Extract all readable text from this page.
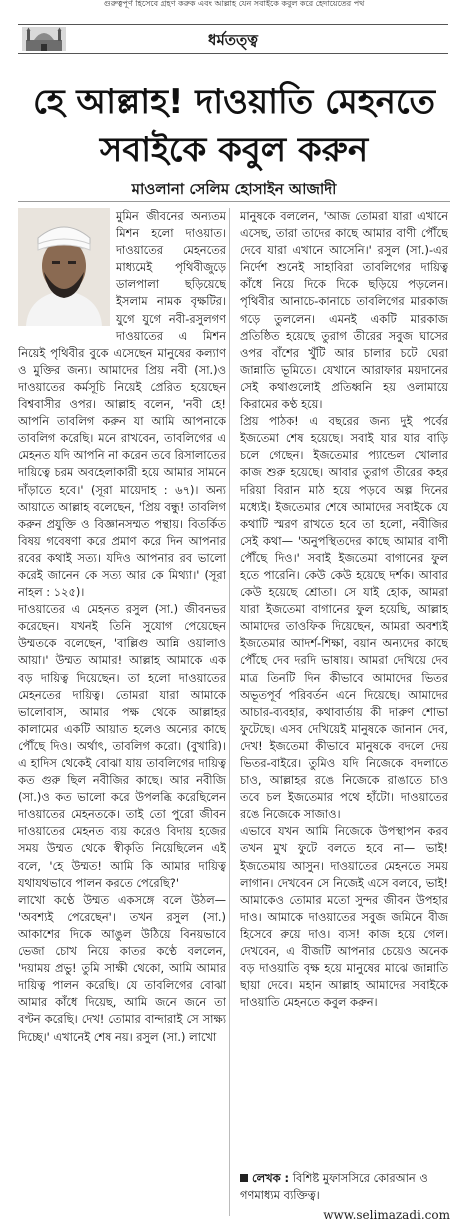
গুরুত্বপূর্ণ হিসেবে গ্রহণ করুক এবং আল্লাহ যেন সবাইকে কবুল করে হেদায়েতের পথ
ধর্মতত্ত্ব
হে আল্লাহ! দাওয়াতি মেহনতে
সবাইকে কবুল করুন
মাওলানা সেলিম হোসাইন আজাদী

মুমিন জীবনের অন্যতম মিশন হলো দাওয়াত। দাওয়াতের মেহনতের মাধ্যমেই পৃথিবীজুড়ে ডালপালা ছড়িয়েছে ইসলাম নামক বৃক্ষটির। যুগে যুগে নবী-রসুলগণ দাওয়াতের এ মিশন নিয়েই পৃথিবীর বুকে এসেছেন মানুষের কল্যাণ ও মুক্তির জন্য। আমাদের প্রিয় নবী (সা.)ও দাওয়াতের কর্মসূচি নিয়েই প্রেরিত হয়েছেন বিশ্ববাসীর ওপর। আল্লাহ বলেন, 'নবী হে! আপনি তাবলিগ করুন যা আমি আপনাকে তাবলিগ করেছি। মনে রাখবেন, তাবলিগের এ মেহনত যদি আপনি না করেন তবে রিসালাতের দায়িত্বে চরম অবহেলাকারী হয়ে আমার সামনে দাঁড়াতে হবে।' (সূরা মায়েদাহ : ৬৭)। অন্য আয়াতে আল্লাহ বলেছেন, 'প্রিয় বন্ধু! তাবলিগ করুন প্রযুক্তি ও বিজ্ঞানসম্মত পন্থায়। বিতর্কিত বিষয় গবেষণা করে প্রমাণ করে দিন আপনার রবের কথাই সত্য। যদিও আপনার রব ভালো করেই জানেন কে সত্য আর কে মিথ্যা।' (সূরা নাহল : ১২৫)।

দাওয়াতের এ মেহনত রসুল (সা.) জীবনভর করেছেন। যখনই তিনি সুযোগ পেয়েছেন উম্মতকে বলেছেন, 'বাল্লিগু আন্নি ওয়ালাও আয়া।' উম্মত আমার! আল্লাহ আমাকে এক বড় দায়িত্ব দিয়েছেন। তা হলো দাওয়াতের মেহনতের দায়িত্ব। তোমরা যারা আমাকে ভালোবাস, আমার পক্ষ থেকে আল্লাহর কালামের একটি আয়াত হলেও অন্যের কাছে পৌঁছে দিও। অর্থাৎ, তাবলিগ করো। (বুখারি)। এ হাদিস থেকেই বোঝা যায় তাবলিগের দায়িত্ব কত গুরু ছিল নবীজির কাছে। আর নবীজি (সা.)ও কত ভালো করে উপলব্ধি করেছিলেন দাওয়াতের মেহনতকে। তাই তো পুরো জীবন দাওয়াতের মেহনত ব্যয় করেও বিদায় হজের সময় উম্মত থেকে স্বীকৃতি নিয়েছিলেন এই বলে, 'হে উম্মত! আমি কি আমার দায়িত্ব যথাযথভাবে পালন করতে পেরেছি?'

লাখো কণ্ঠে উম্মত একসঙ্গে বলে উঠল— 'অবশ্যই পেরেছেন'। তখন রসুল (সা.) আকাশের দিকে আঙুল উঠিয়ে বিনয়ভাবে ভেজা চোখ নিয়ে কাতর কণ্ঠে বললেন, 'দয়াময় প্রভু! তুমি সাক্ষী থেকো, আমি আমার দায়িত্ব পালন করেছি। যে তাবলিগের বোঝা আমার কাঁধে দিয়েছ, আমি জনে জনে তা বণ্টন করেছি। দেখ! তোমার বান্দারাই সে সাক্ষ্য দিচ্ছে।' এখানেই শেষ নয়। রসুল (সা.) লাখো

মানুষকে বললেন, 'আজ তোমরা যারা এখানে এসেছ, তারা তাদের কাছে আমার বাণী পৌঁছে দেবে যারা এখানে আসেনি।' রসুল (সা.)-এর নির্দেশ শুনেই সাহাবিরা তাবলিগের দায়িত্ব কাঁধে নিয়ে দিকে দিকে ছড়িয়ে পড়লেন। পৃথিবীর আনাচে-কানাচে তাবলিগের মারকাজ গড়ে তুললেন। এমনই একটি মারকাজ প্রতিষ্ঠিত হয়েছে তুরাগ তীরের সবুজ ঘাসের ওপর বাঁশের খুঁটি আর চালার চটে ঘেরা জান্নাতি ভূমিতে। যেখানে আরাফার ময়দানের সেই কথাগুলোই প্রতিধ্বনি হয় ওলামায়ে কিরামের কণ্ঠ হয়ে।

প্রিয় পাঠক! এ বছরের জন্য দুই পর্বের ইজতেমা শেষ হয়েছে। সবাই যার যার বাড়ি চলে গেছেন। ইজতেমার প্যান্ডেল খোলার কাজ শুরু হয়েছে। আবার তুরাগ তীরের কহর দরিয়া বিরান মাঠ হয়ে পড়বে অল্প দিনের মধ্যেই। ইজতেমার শেষে আমাদের সবাইকে যে কথাটি স্মরণ রাখতে হবে তা হলো, নবীজির সেই কথা— 'অনুপস্থিতদের কাছে আমার বাণী পৌঁছে দিও।' সবাই ইজতেমা বাগানের ফুল হতে পারেনি। কেউ কেউ হয়েছে দর্শক। আবার কেউ হয়েছে শ্রোতা। সে যাই হোক, আমরা যারা ইজতেমা বাগানের ফুল হয়েছি, আল্লাহ আমাদের তাওফিক দিয়েছেন, আমরা অবশ্যই ইজতেমার আদর্শ-শিক্ষা, বয়ান অন্যদের কাছে পৌঁছে দেব দরদি ভাষায়। আমরা দেখিয়ে দেব মাত্র তিনটি দিন কীভাবে আমাদের ভিতর অভূতপূর্ব পরিবর্তন এনে দিয়েছে। আমাদের আচার-ব্যবহার, কথাবার্তায় কী দারুণ শোভা ফুটেছে। এসব দেখিয়েই মানুষকে জানান দেব, দেখ! ইজতেমা কীভাবে মানুষকে বদলে দেয় ভিতর-বাইরে। তুমিও যদি নিজেকে বদলাতে চাও, আল্লাহর রঙে নিজেকে রাঙাতে চাও তবে চল ইজতেমার পথে হাঁটো। দাওয়াতের রঙে নিজেকে সাজাও।

এভাবে যখন আমি নিজেকে উপস্থাপন করব তখন মুখ ফুটে বলতে হবে না— ভাই! ইজতেমায় আসুন। দাওয়াতের মেহনতে সময় লাগান। দেখবেন সে নিজেই এসে বলবে, ভাই! আমাকেও তোমার মতো সুন্দর জীবন উপহার দাও। আমাকে দাওয়াতের সবুজ জমিনে বীজ হিসেবে রুয়ে দাও। ব্যস! কাজ হয়ে গেল। দেখবেন, এ বীজটি আপনার চেয়েও অনেক বড় দাওয়াতি বৃক্ষ হয়ে মানুষের মাঝে জান্নাতি ছায়া দেবে। মহান আল্লাহ আমাদের সবাইকে দাওয়াতি মেহনতে কবুল করুন।

লেখক : বিশিষ্ট মুফাসসিরে কোরআন ও গণমাধ্যম ব্যক্তিত্ব।
www.selimazadi.com
